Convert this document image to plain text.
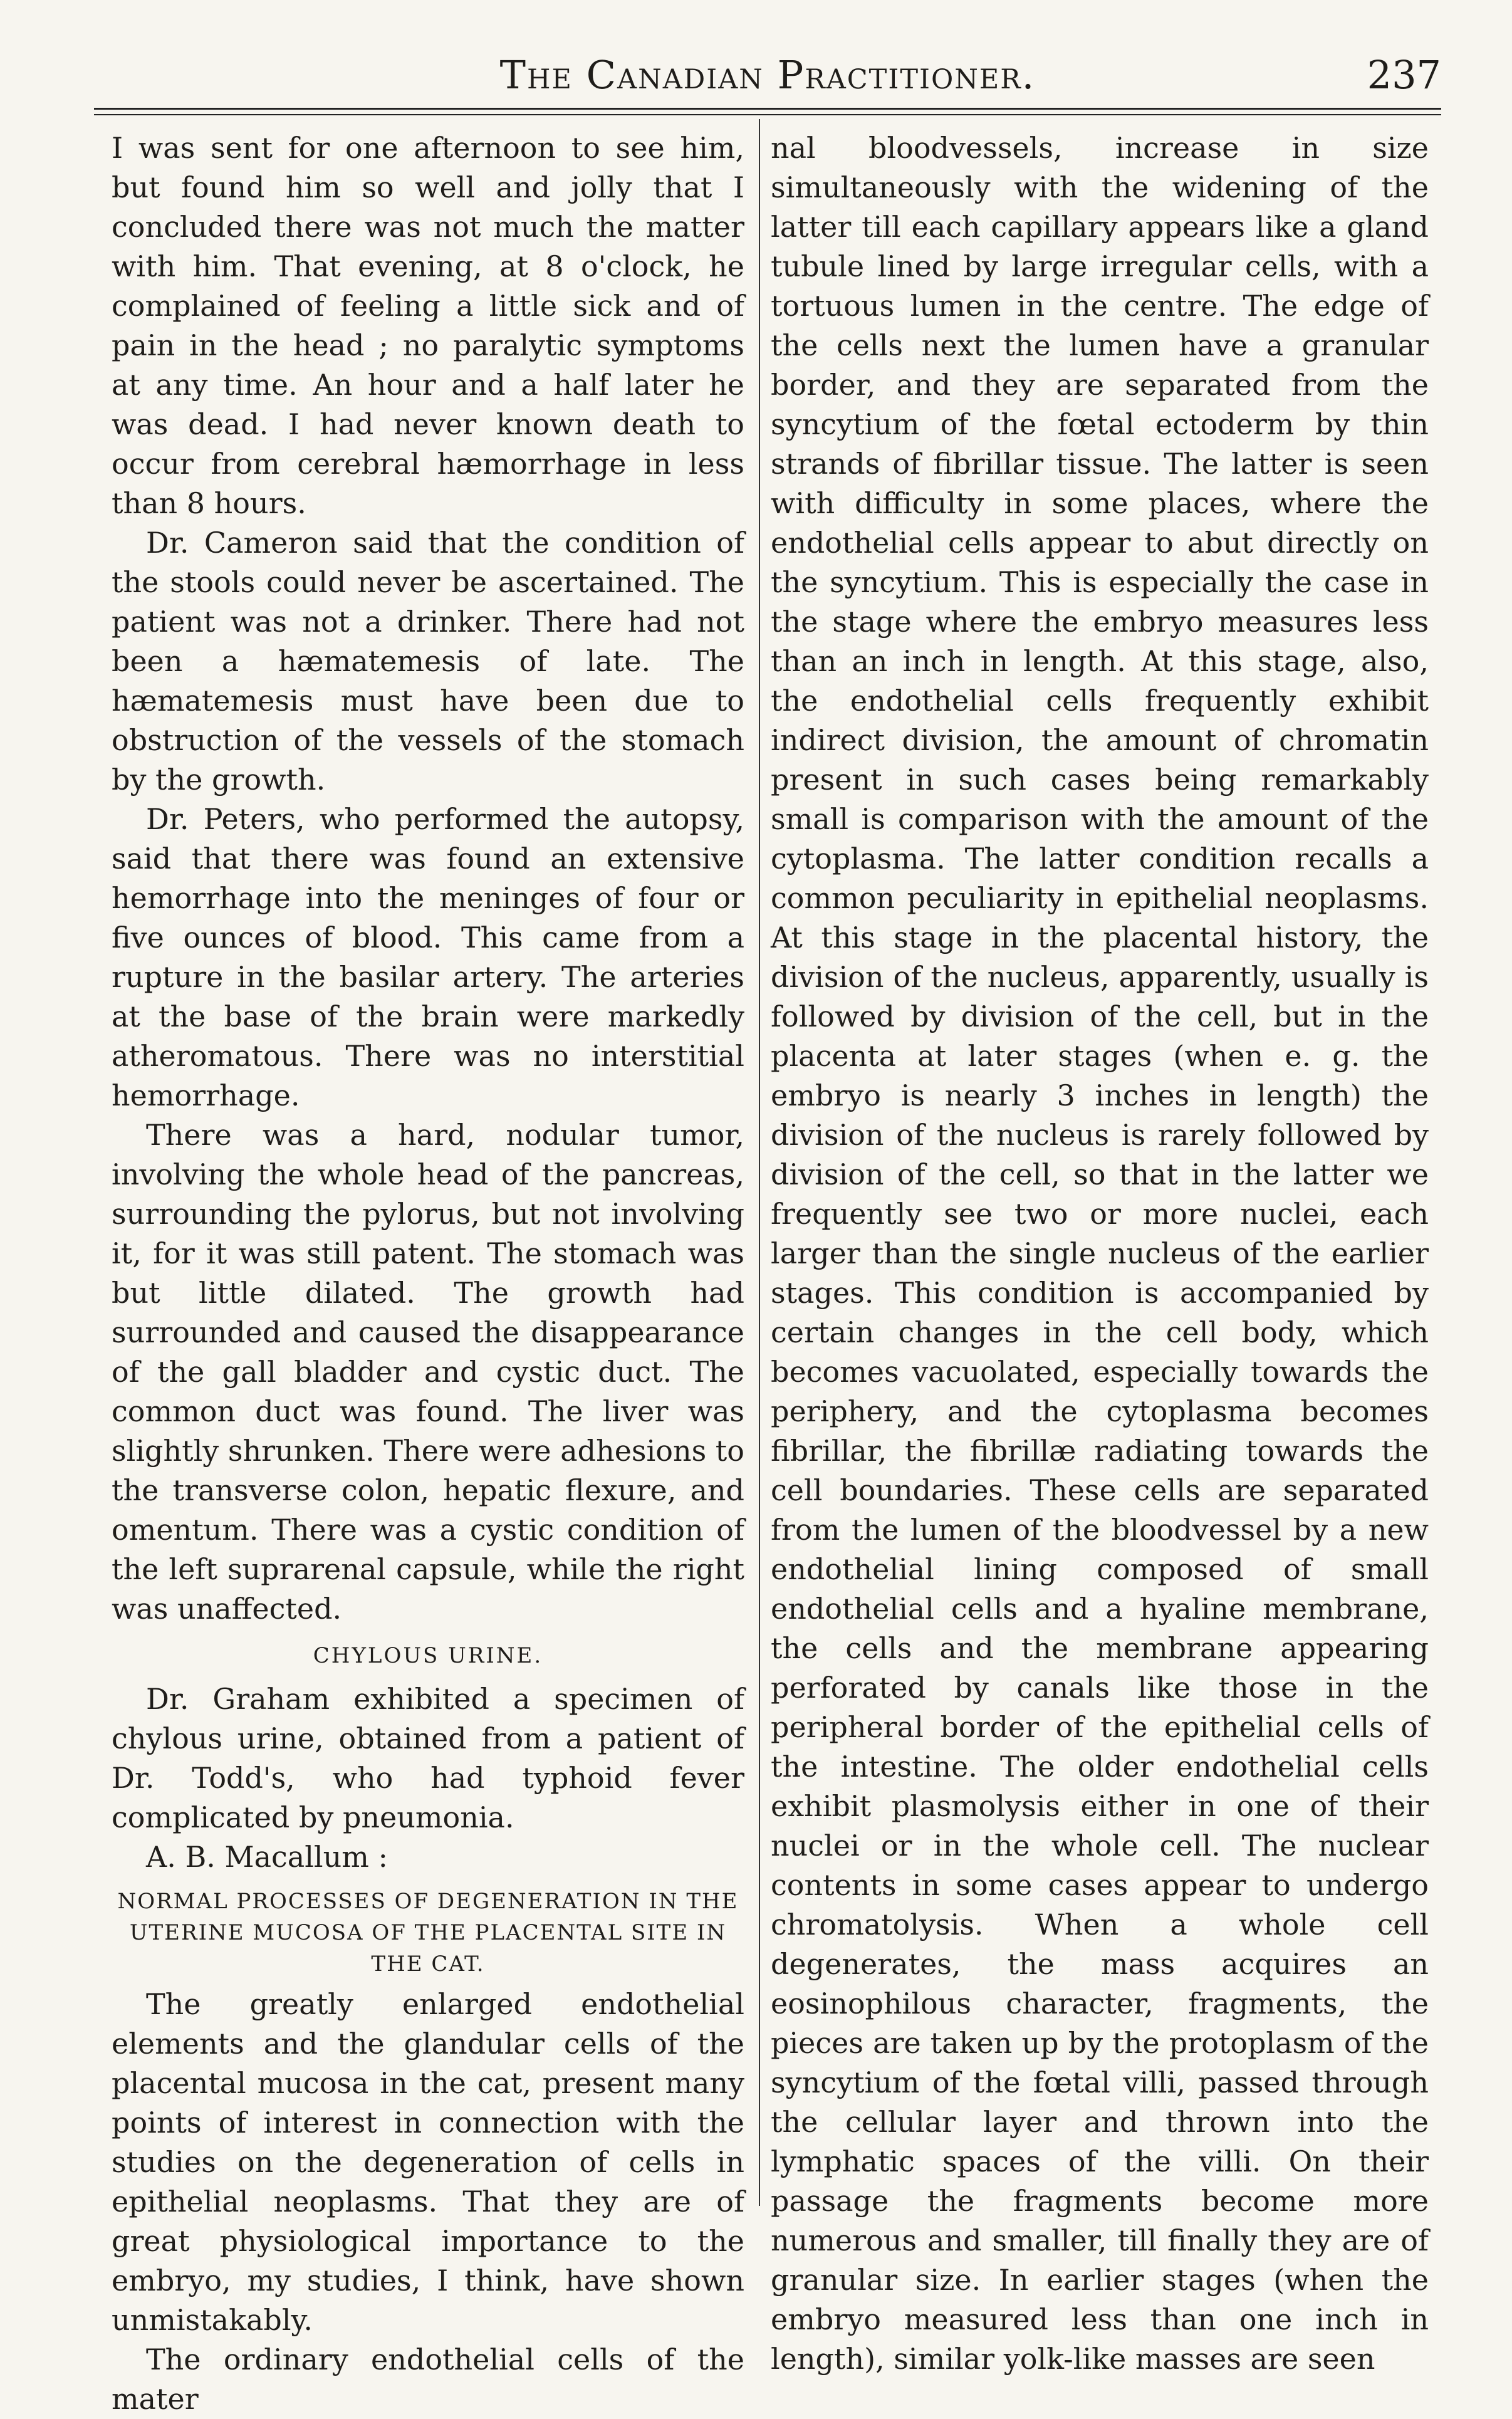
The Canadian Practitioner.	237

I was sent for one afternoon to see him, but found him so well and jolly that I concluded there was not much the matter with him. That evening, at 8 o'clock, he complained of feeling a little sick and of pain in the head ; no paralytic symptoms at any time. An hour and a half later he was dead. I had never known death to occur from cerebral hæmorrhage in less than 8 hours.

Dr. Cameron said that the condition of the stools could never be ascertained. The patient was not a drinker. There had not been a hæmatemesis of late. The hæmatemesis must have been due to obstruction of the vessels of the stomach by the growth.

Dr. Peters, who performed the autopsy, said that there was found an extensive hemorrhage into the meninges of four or five ounces of blood. This came from a rupture in the basilar artery. The arteries at the base of the brain were markedly atheromatous. There was no interstitial hemorrhage.

There was a hard, nodular tumor, involving the whole head of the pancreas, surrounding the pylorus, but not involving it, for it was still patent. The stomach was but little dilated. The growth had surrounded and caused the disappearance of the gall bladder and cystic duct. The common duct was found. The liver was slightly shrunken. There were adhesions to the transverse colon, hepatic flexure, and omentum. There was a cystic condition of the left suprarenal capsule, while the right was unaffected.

CHYLOUS URINE.

Dr. Graham exhibited a specimen of chylous urine, obtained from a patient of Dr. Todd's, who had typhoid fever complicated by pneumonia.

A. B. Macallum :

NORMAL PROCESSES OF DEGENERATION IN THE UTERINE MUCOSA OF THE PLACENTAL SITE IN THE CAT.

The greatly enlarged endothelial elements and the glandular cells of the placental mucosa in the cat, present many points of interest in connection with the studies on the degeneration of cells in epithelial neoplasms. That they are of great physiological importance to the embryo, my studies, I think, have shown unmistakably.

The ordinary endothelial cells of the mater

nal bloodvessels, increase in size simultaneously with the widening of the latter till each capillary appears like a gland tubule lined by large irregular cells, with a tortuous lumen in the centre. The edge of the cells next the lumen have a granular border, and they are separated from the syncytium of the fœtal ectoderm by thin strands of fibrillar tissue. The latter is seen with difficulty in some places, where the endothelial cells appear to abut directly on the syncytium. This is especially the case in the stage where the embryo measures less than an inch in length. At this stage, also, the endothelial cells frequently exhibit indirect division, the amount of chromatin present in such cases being remarkably small is comparison with the amount of the cytoplasma. The latter condition recalls a common peculiarity in epithelial neoplasms. At this stage in the placental history, the division of the nucleus, apparently, usually is followed by division of the cell, but in the placenta at later stages (when e. g. the embryo is nearly 3 inches in length) the division of the nucleus is rarely followed by division of the cell, so that in the latter we frequently see two or more nuclei, each larger than the single nucleus of the earlier stages. This condition is accompanied by certain changes in the cell body, which becomes vacuolated, especially towards the periphery, and the cytoplasma becomes fibrillar, the fibrillæ radiating towards the cell boundaries. These cells are separated from the lumen of the bloodvessel by a new endothelial lining composed of small endothelial cells and a hyaline membrane, the cells and the membrane appearing perforated by canals like those in the peripheral border of the epithelial cells of the intestine. The older endothelial cells exhibit plasmolysis either in one of their nuclei or in the whole cell. The nuclear contents in some cases appear to undergo chromatolysis. When a whole cell degenerates, the mass acquires an eosinophilous character, fragments, the pieces are taken up by the protoplasm of the syncytium of the fœtal villi, passed through the cellular layer and thrown into the lymphatic spaces of the villi. On their passage the fragments become more numerous and smaller, till finally they are of granular size. In earlier stages (when the embryo measured less than one inch in length), similar yolk-like masses are seen
